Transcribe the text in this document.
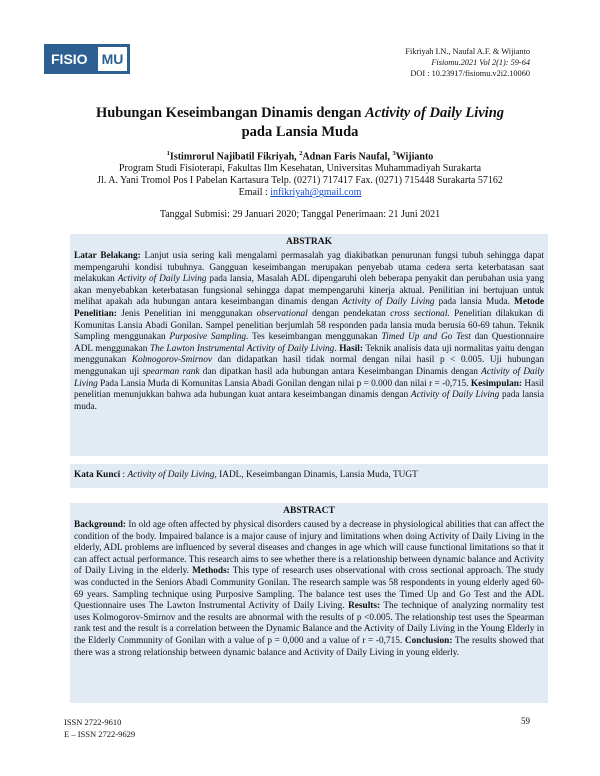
FISIO	MU	Fikriyah I.N., Naufal A.F. & Wijianto
Fisiomu.2021 Vol 2(1): 59-64
DOI : 10.23917/fisiomu.v2i2.10060
Hubungan Keseimbangan Dinamis dengan Activity of Daily Living
pada Lansia Muda
$^1$Istimrorul Najibatil Fikriyah, $^2$Adnan Faris Naufal, $^3$Wijianto
Program Studi Fisioterapi, Fakultas Ilm Kesehatan, Universitas Muhammadiyah Surakarta
Jl. A. Yani Tromol Pos I Pabelan Kartasura Telp. (0271) 717417 Fax. (0271) 715448 Surakarta 57162
Email : infikriyah@gmail.com
Tanggal Submisi: 29 Januari 2020; Tanggal Penerimaan: 21 Juni 2021
ABSTRAK
Latar Belakang: Lanjut usia sering kali mengalami permasalah yag diakibatkan penurunan fungsi tubuh sehingga dapat mempengaruhi kondisi tubuhnya. Gangguan keseimbangan merupakan penyebab utama cedera serta keterbatasan saat melakukan Activity of Daily Living pada lansia, Masalah ADL dipengaruhi oleh beberapa penyakit dan perubahan usia yang akan menyebabkan keterbatasan fungsional sehingga dapat mempengaruhi kinerja aktual. Penilitian ini bertujuan untuk melihat apakah ada hubungan antara keseimbangan dinamis dengan Activity of Daily Living pada lansia Muda. Metode Penelitian: Jenis Penelitian ini menggunakan observational dengan pendekatan cross sectional. Penelitian dilakukan di Komunitas Lansia Abadi Gonilan. Sampel penelitian berjumlah 58 responden pada lansia muda berusia 60-69 tahun. Teknik Sampling menggunakan Purposive Sampling. Tes keseimbangan menggunakan Timed Up and Go Test dan Questionnaire ADL menggunakan The Lawton Instrumental Activity of Daily Living. Hasil: Teknik analisis data uji normalitas yaitu dengan menggunakan Kolmogorov-Smirnov dan didapatkan hasil tidak normal dengan nilai hasil p < 0.005. Uji hubungan menggunakan uji spearman rank dan dipatkan hasil ada hubungan antara Keseimbangan Dinamis dengan Activity of Daily Living Pada Lansia Muda di Komunitas Lansia Abadi Gonilan dengan nilai p = 0.000 dan nilai r = -0,715. Kesimpulan: Hasil penelitian menunjukkan bahwa ada hubungan kuat antara keseimbangan dinamis dengan Activity of Daily Living pada lansia muda.
Kata Kunci : Activity of Daily Living, IADL, Keseimbangan Dinamis, Lansia Muda, TUGT
ABSTRACT
Background: In old age often affected by physical disorders caused by a decrease in physiological abilities that can affect the condition of the body. Impaired balance is a major cause of injury and limitations when doing Activity of Daily Living in the elderly, ADL problems are influenced by several diseases and changes in age which will cause functional limitations so that it can affect actual performance. This research aims to see whether there is a relationship between dynamic balance and Activity of Daily Living in the elderly. Methods: This type of research uses observational with cross sectional approach. The study was conducted in the Seniors Abadi Community Gonilan. The research sample was 58 respondents in young elderly aged 60-69 years. Sampling technique using Purposive Sampling. The balance test uses the Timed Up and Go Test and the ADL Questionnaire uses The Lawton Instrumental Activity of Daily Living. Results: The technique of analyzing normality test uses Kolmogorov-Smirnov and the results are abnormal with the results of p <0.005. The relationship test uses the Spearman rank test and the result is a correlation between the Dynamic Balance and the Activity of Daily Living in the Young Elderly in the Elderly Community of Gonilan with a value of p = 0,000 and a value of r = -0,715. Conclusion: The results showed that there was a strong relationship between dynamic balance and Activity of Daily Living in young elderly.
ISSN 2722-9610
E – ISSN 2722-9629
59
